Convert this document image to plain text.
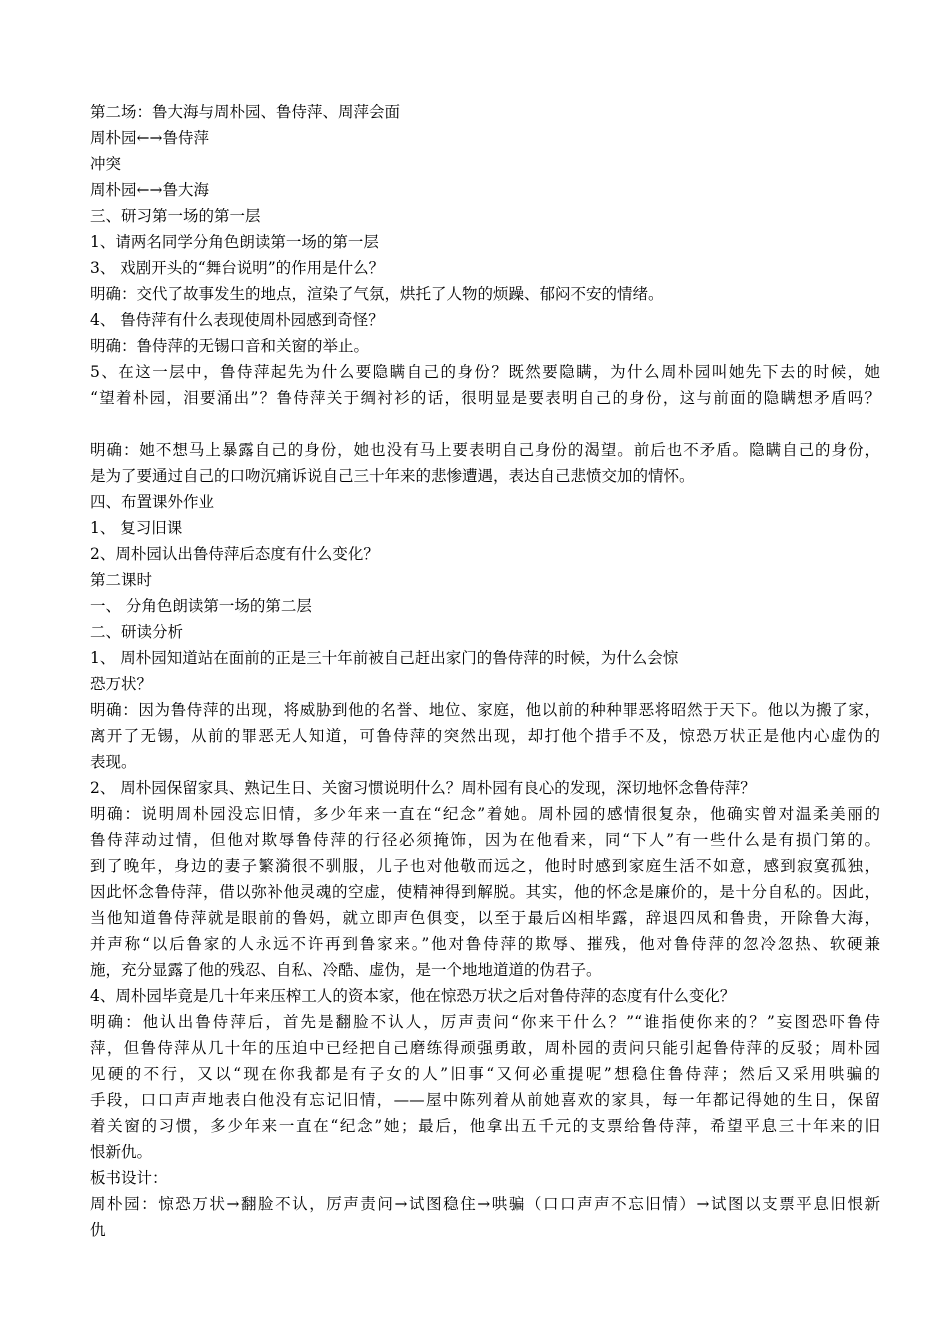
第二场：鲁大海与周朴园、鲁侍萍、周萍会面
周朴园←→鲁侍萍
冲突
周朴园←→鲁大海
三、研习第一场的第一层
1、请两名同学分角色朗读第一场的第一层
3、 戏剧开头的“舞台说明”的作用是什么？
明确：交代了故事发生的地点，渲染了气氛，烘托了人物的烦躁、郁闷不安的情绪。
4、 鲁侍萍有什么表现使周朴园感到奇怪？
明确：鲁侍萍的无锡口音和关窗的举止。
5、在这一层中，鲁侍萍起先为什么要隐瞒自己的身份？既然要隐瞒，为什么周朴园叫她先下去的时候，她
“望着朴园，泪要涌出”？鲁侍萍关于绸衬衫的话，很明显是要表明自己的身份，这与前面的隐瞒想矛盾吗？
明确：她不想马上暴露自己的身份，她也没有马上要表明自己身份的渴望。前后也不矛盾。隐瞒自己的身份，
是为了要通过自己的口吻沉痛诉说自己三十年来的悲惨遭遇，表达自己悲愤交加的情怀。
四、布置课外作业
1、 复习旧课
2、周朴园认出鲁侍萍后态度有什么变化？
第二课时
一、 分角色朗读第一场的第二层
二、研读分析
1、 周朴园知道站在面前的正是三十年前被自己赶出家门的鲁侍萍的时候，为什么会惊
恐万状？
明确：因为鲁侍萍的出现，将威胁到他的名誉、地位、家庭，他以前的种种罪恶将昭然于天下。他以为搬了家，
离开了无锡，从前的罪恶无人知道，可鲁侍萍的突然出现，却打他个措手不及，惊恐万状正是他内心虚伪的
表现。
2、 周朴园保留家具、熟记生日、关窗习惯说明什么？周朴园有良心的发现，深切地怀念鲁侍萍？
明确：说明周朴园没忘旧情，多少年来一直在“纪念”着她。周朴园的感情很复杂，他确实曾对温柔美丽的
鲁侍萍动过情，但他对欺辱鲁侍萍的行径必须掩饰，因为在他看来，同“下人”有一些什么是有损门第的。
到了晚年，身边的妻子繁漪很不驯服，儿子也对他敬而远之，他时时感到家庭生活不如意，感到寂寞孤独，
因此怀念鲁侍萍，借以弥补他灵魂的空虚，使精神得到解脱。其实，他的怀念是廉价的，是十分自私的。因此，
当他知道鲁侍萍就是眼前的鲁妈，就立即声色俱变，以至于最后凶相毕露，辞退四凤和鲁贵，开除鲁大海，
并声称“以后鲁家的人永远不许再到鲁家来。”他对鲁侍萍的欺辱、摧残，他对鲁侍萍的忽冷忽热、软硬兼
施，充分显露了他的残忍、自私、冷酷、虚伪，是一个地地道道的伪君子。
4、周朴园毕竟是几十年来压榨工人的资本家，他在惊恐万状之后对鲁侍萍的态度有什么变化？
明确：他认出鲁侍萍后，首先是翻脸不认人，厉声责问“你来干什么？”“谁指使你来的？”妄图恐吓鲁侍
萍，但鲁侍萍从几十年的压迫中已经把自己磨练得顽强勇敢，周朴园的责问只能引起鲁侍萍的反驳；周朴园
见硬的不行，又以“现在你我都是有子女的人”旧事“又何必重提呢”想稳住鲁侍萍；然后又采用哄骗的
手段，口口声声地表白他没有忘记旧情，——屋中陈列着从前她喜欢的家具，每一年都记得她的生日，保留
着关窗的习惯，多少年来一直在“纪念”她；最后，他拿出五千元的支票给鲁侍萍，希望平息三十年来的旧
恨新仇。
板书设计：
周朴园：惊恐万状→翻脸不认，厉声责问→试图稳住→哄骗（口口声声不忘旧情）→试图以支票平息旧恨新
仇
